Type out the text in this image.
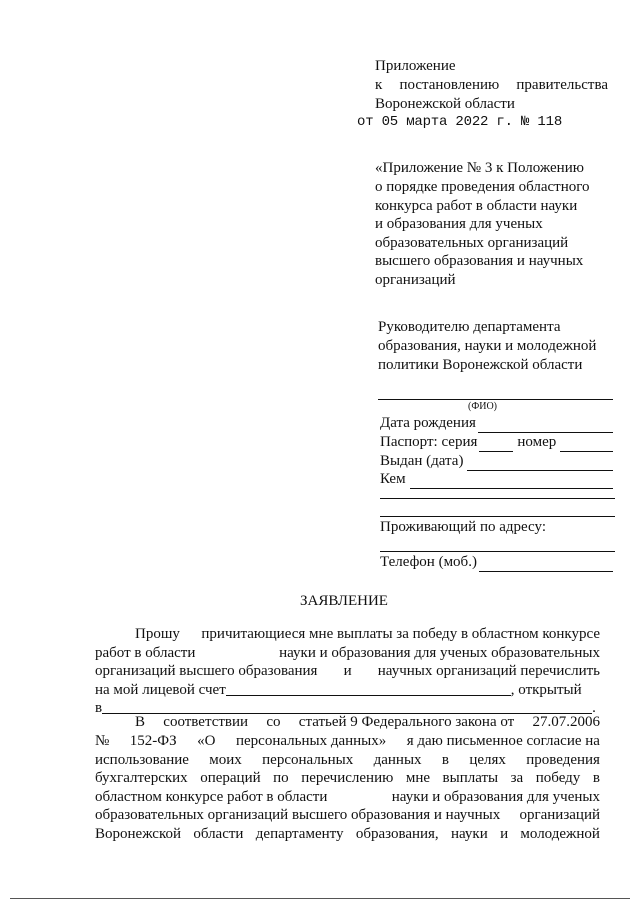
Приложение
к постановлению правительства
Воронежской области
от 05 марта 2022 г. № 118
«Приложение № 3 к Положению
о порядке проведения областного
конкурса работ в области науки
и образования для ученых
образовательных организаций
высшего образования и научных
организаций
Руководителю департамента
образования, науки и молодежной
политики Воронежской области
(ФИО)
Дата рождения
Паспорт: серия	номер
Выдан (дата)
Кем
Проживающий по адресу:
Телефон (моб.)
ЗАЯВЛЕНИЕ
Прошу причитающиеся мне выплаты за победу в областном конкурсе
работ в области	науки и образования для ученых образовательных
организаций высшего образования и научных организаций перечислить
на мой лицевой счет	, открытый
в	.
В соответствии со статьей 9 Федерального закона от 27.07.2006
№ 152-ФЗ «О персональных данных» я даю письменное согласие на
использование моих персональных данных в целях проведения
бухгалтерских операций по перечислению мне выплаты за победу в
областном конкурсе работ в области	науки и образования для ученых
образовательных организаций высшего образования и научных организаций
Воронежской области департаменту образования, науки и молодежной
